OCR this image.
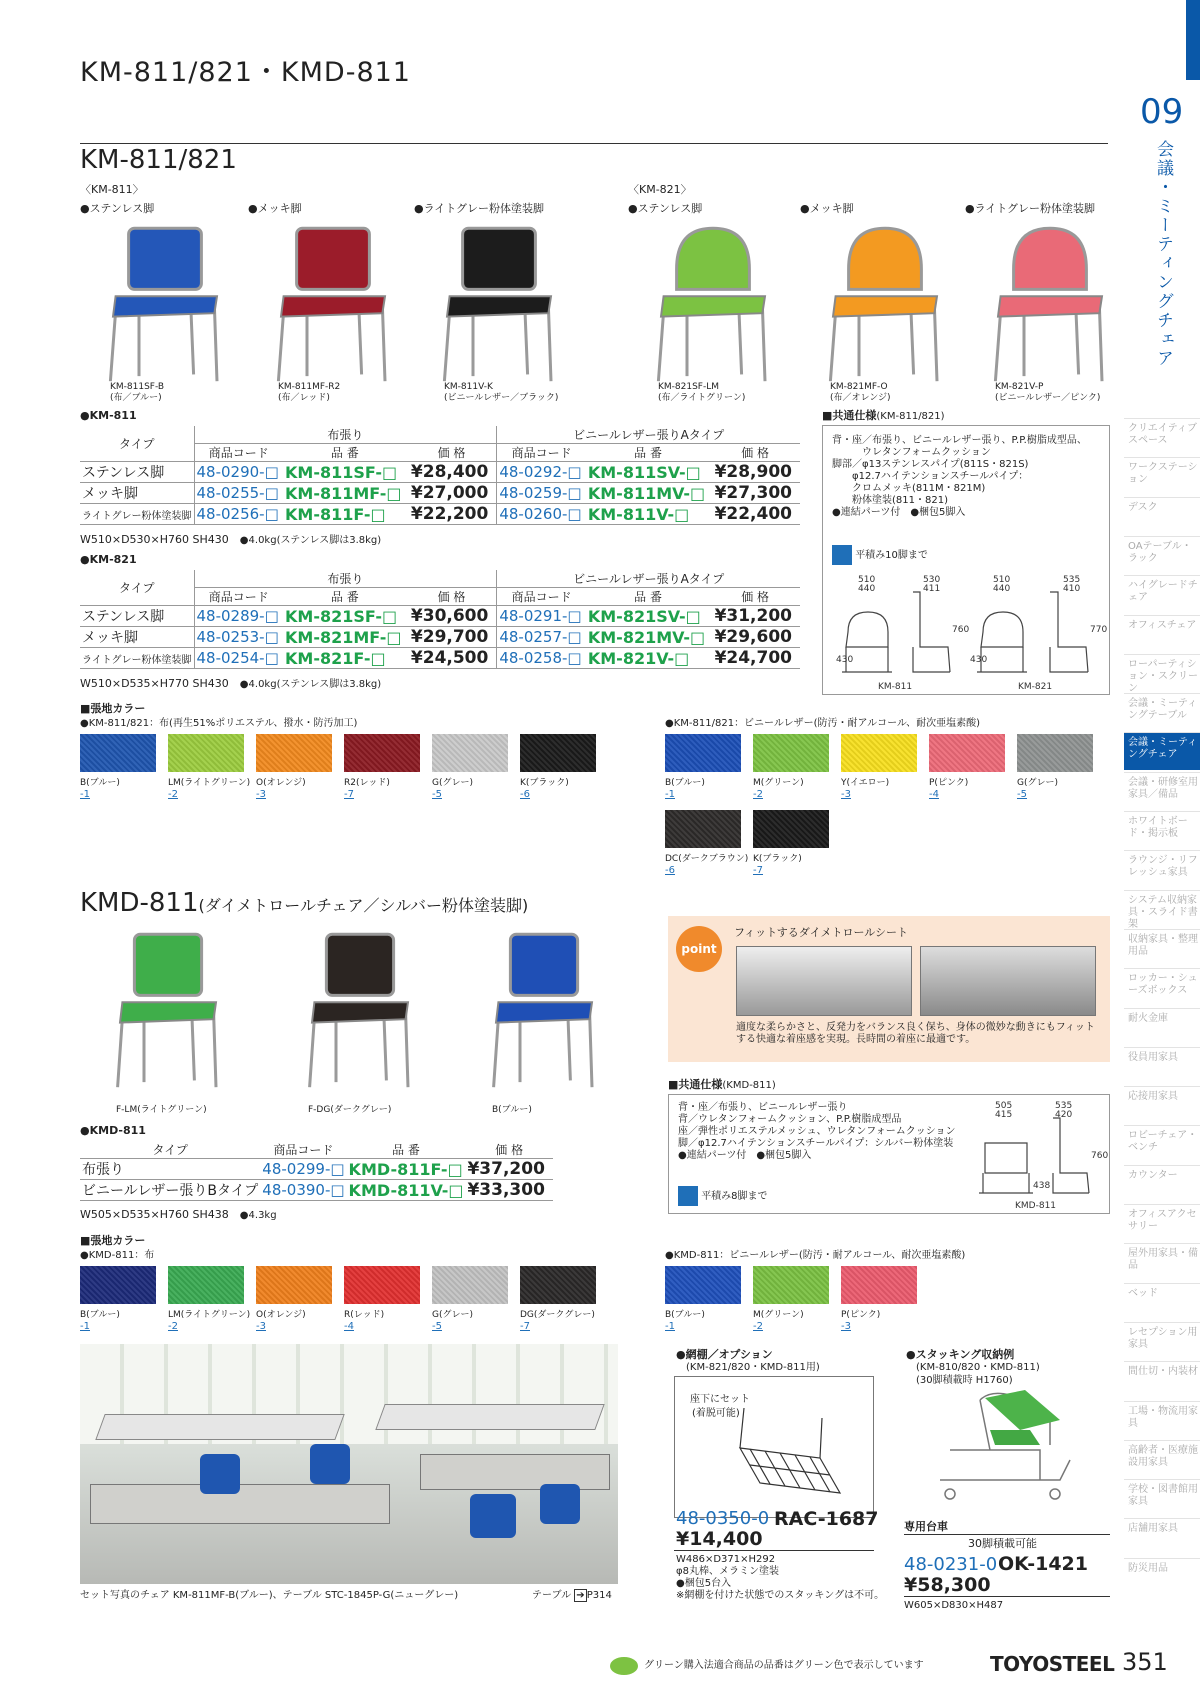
KM-811/821・KMD-811
KM-811/821
09
会議・ミーティングチェア
クリエイティブスペース
ワークステーション
デスク
OAテーブル・ラック
ハイグレードチェア
オフィスチェア
ローパーティション・スクリーン
会議・ミーティングテーブル
会議・ミーティングチェア
会議・研修室用家具／備品
ホワイトボード・掲示板
ラウンジ・リフレッシュ家具
システム収納家具・スライド書架
収納家具・整理用品
ロッカー・シューズボックス
耐火金庫
役員用家具
応接用家具
ロビーチェア・ベンチ
カウンター
オフィスアクセサリー
屋外用家具・備品
ベッド
レセプション用家具
間仕切・内装材
工場・物流用家具
高齢者・医療施設用家具
学校・図書館用家具
店舗用家具
防災用品
〈KM-811〉	〈KM-821〉
●ステンレス脚
KM-811SF-B
(布／ブルー)
●メッキ脚
KM-811MF-R2
(布／レッド)
●ライトグレー粉体塗装脚
KM-811V-K
(ビニールレザー／ブラック)
●ステンレス脚
KM-821SF-LM
(布／ライトグリーン)
●メッキ脚
KM-821MF-O
(布／オレンジ)
●ライトグレー粉体塗装脚
KM-821V-P
(ビニールレザー／ピンク)
●KM-811
タイプ	布張り			ビニールレザー張りAタイプ		
	商品コード	品 番	価 格	商品コード	品 番	価 格
ステンレス脚	48-0290-□	KM-811SF-□	¥28,400	48-0292-□	KM-811SV-□	¥28,900
メッキ脚	48-0255-□	KM-811MF-□	¥27,000	48-0259-□	KM-811MV-□	¥27,300
ライトグレー粉体塗装脚	48-0256-□	KM-811F-□	¥22,200	48-0260-□	KM-811V-□	¥22,400
W510×D530×H760 SH430　 ●4.0kg(ステンレス脚は3.8kg)
●KM-821
タイプ	布張り			ビニールレザー張りAタイプ		
	商品コード	品 番	価 格	商品コード	品 番	価 格
ステンレス脚	48-0289-□	KM-821SF-□	¥30,600	48-0291-□	KM-821SV-□	¥31,200
メッキ脚	48-0253-□	KM-821MF-□	¥29,700	48-0257-□	KM-821MV-□	¥29,600
ライトグレー粉体塗装脚	48-0254-□	KM-821F-□	¥24,500	48-0258-□	KM-821V-□	¥24,700
W510×D535×H770 SH430　 ●4.0kg(ステンレス脚は3.8kg)
■共通仕様(KM-811/821)
背・座／布張り、ビニールレザー張り、P.P.樹脂成型品、
　　　ウレタンフォームクッション
脚部／φ13ステンレスパイプ(811S・821S)
　　φ12.7ハイテンションスチールパイプ：
　　クロムメッキ(811M・821M)
　　粉体塗装(811・821)
●連結パーツ付　●梱包5脚入
平積み10脚まで
510
440
530
411
430
760
510
440
535
410
430
770
KM-811	KM-821
■張地カラー
●KM-811/821：布(再生51%ポリエステル、撥水・防汚加工)
B(ブルー)
-1
LM(ライトグリーン)
-2
O(オレンジ)
-3
R2(レッド)
-7
G(グレー)
-5
K(ブラック)
-6
●KM-811/821：ビニールレザー(防汚・耐アルコール、耐次亜塩素酸)
B(ブルー)
-1
M(グリーン)
-2
Y(イエロー)
-3
P(ピンク)
-4
G(グレー)
-5
DC(ダークブラウン)
-6
K(ブラック)
-7
KMD-811(ダイメトロールチェア／シルバー粉体塗装脚)
F-LM(ライトグリーン)	F-DG(ダークグレー)	B(ブルー)
●KMD-811
タイプ	商品コード	品 番	価 格
布張り	48-0299-□	KMD-811F-□	¥37,200
ビニールレザー張りBタイプ	48-0390-□	KMD-811V-□	¥33,300
W505×D535×H760 SH438　 ●4.3kg
point
フィットするダイメトロールシート
適度な柔らかさと、反発力をバランス良く保ち、身体の微妙な動きにもフィットする快適な着座感を実現。長時間の着座に最適です。
■共通仕様(KMD-811)
背・座／布張り、ビニールレザー張り
背／ウレタンフォームクッション、P.P.樹脂成型品
座／弾性ポリエステルメッシュ、ウレタンフォームクッション
脚／φ12.7ハイテンションスチールパイプ：シルバー粉体塗装
●連結パーツ付　●梱包5脚入
平積み8脚まで
505
415
535
420
438
760
KMD-811
■張地カラー
●KMD-811：布
B(ブルー)
-1
LM(ライトグリーン)
-2
O(オレンジ)
-3
R(レッド)
-4
G(グレー)
-5
DG(ダークグレー)
-7
●KMD-811：ビニールレザー(防汚・耐アルコール、耐次亜塩素酸)
B(ブルー)
-1
M(グリーン)
-2
P(ピンク)
-3
セット写真のチェア KM-811MF-B(ブルー)、テーブル STC-1845P-G(ニューグレー)	テーブル ➔ P314
●網棚／オプション
(KM-821/820・KMD-811用)
座下にセット
(着脱可能)
48-0350-0 RAC-1687
¥14,400
W486×D371×H292
φ8丸棒、メラミン塗装
●梱包5台入
※網棚を付けた状態でのスタッキングは不可。
●スタッキング収納例
(KM-810/820・KMD-811)
(30脚積載時 H1760)
専用台車
30脚積載可能
48-0231-0 OK-1421
¥58,300
W605×D830×H487
グリーン購入法適合商品の品番はグリーン色で表示しています	TOYOSTEEL 351
